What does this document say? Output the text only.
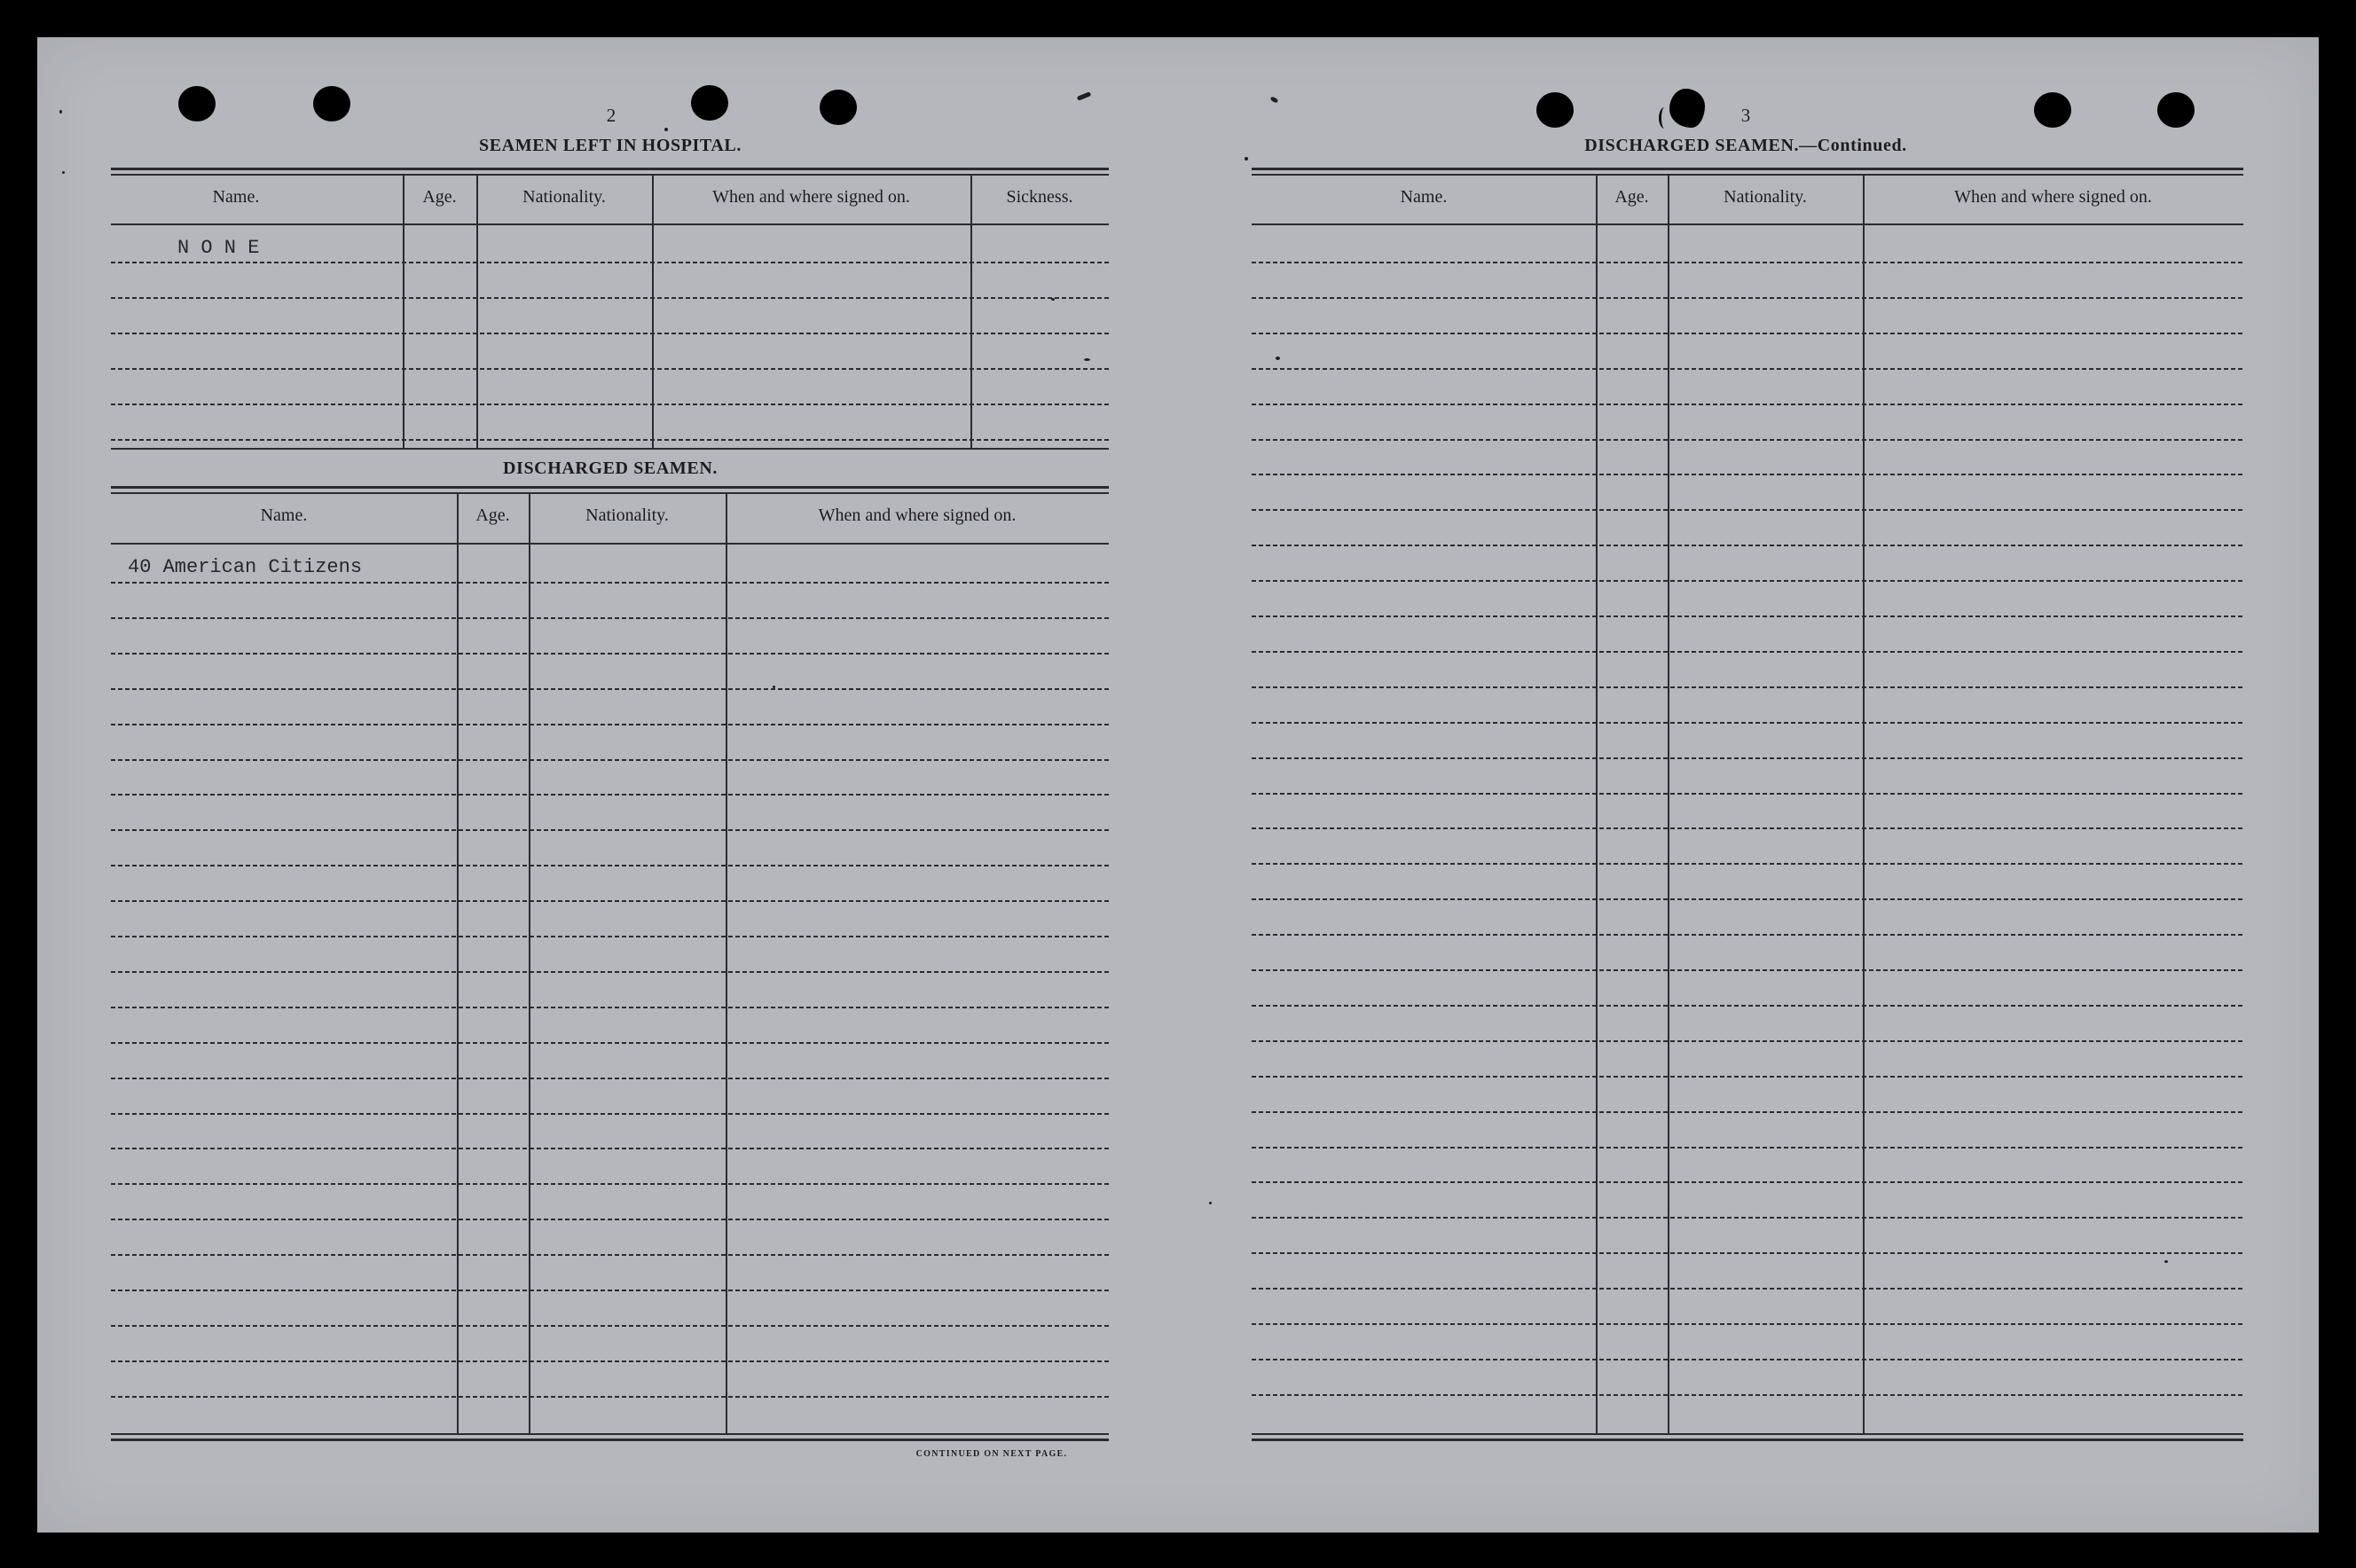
2
SEAMEN LEFT IN HOSPITAL.
Name.	Age.	Nationality.	When and where signed on.	Sickness.
N O N E
DISCHARGED SEAMEN.
Name.	Age.	Nationality.	When and where signed on.
40 American Citizens
CONTINUED ON NEXT PAGE.
3
DISCHARGED SEAMEN.—Continued.
Name.	Age.	Nationality.	When and where signed on.
